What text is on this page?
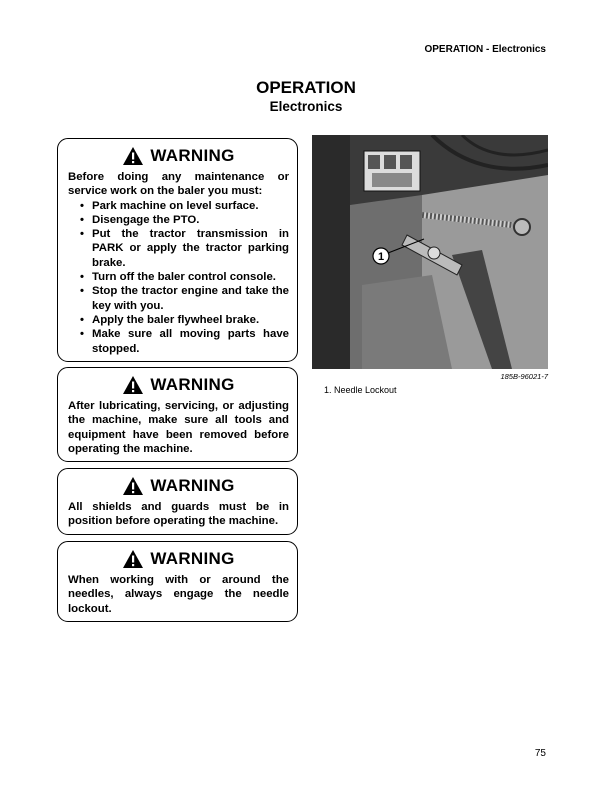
OPERATION - Electronics
OPERATION
Electronics
WARNING
Before doing any maintenance or service work on the baler you must:
• Park machine on level surface.
• Disengage the PTO.
• Put the tractor transmission in PARK or apply the tractor parking brake.
• Turn off the baler control console.
• Stop the tractor engine and take the key with you.
• Apply the baler flywheel brake.
• Make sure all moving parts have stopped.
WARNING
After lubricating, servicing, or adjusting the machine, make sure all tools and equipment have been removed before operating the machine.
WARNING
All shields and guards must be in position before operating the machine.
WARNING
When working with or around the needles, always engage the needle lockout.
1
185B-96021-7
1. Needle Lockout
75
